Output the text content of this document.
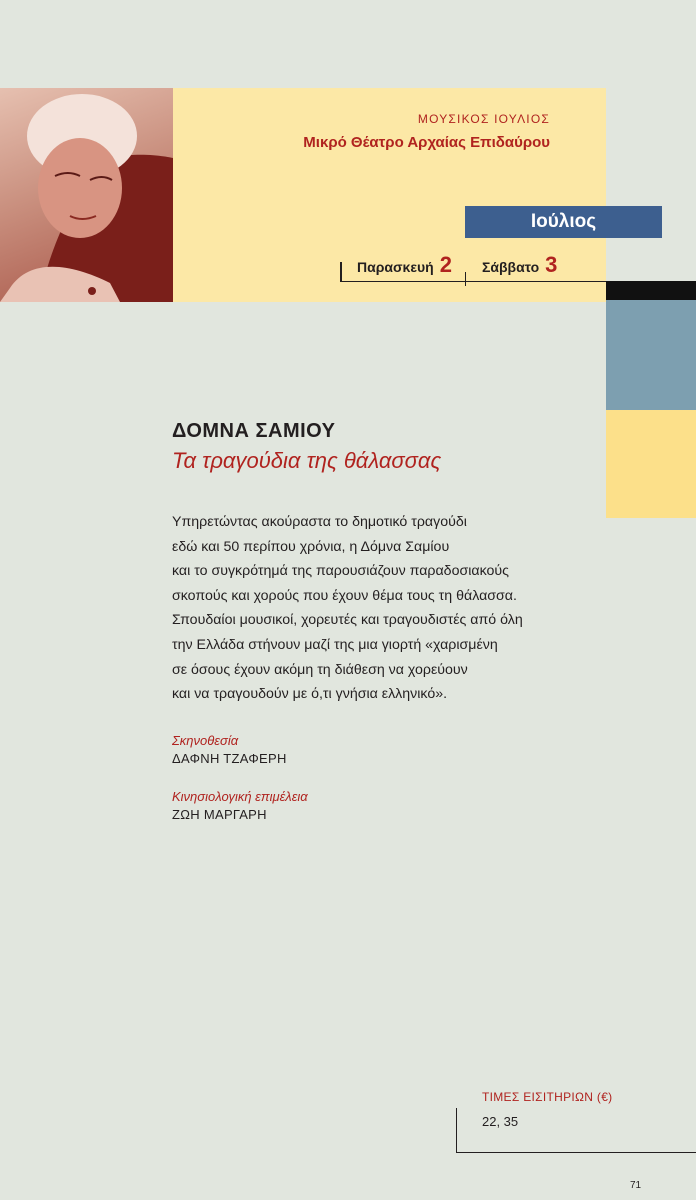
ΜΟΥΣΙΚΟΣ ΙΟΥΛΙΟΣ
Μικρό Θέατρο Αρχαίας Επιδαύρου
Ιούλιος
Παρασκευή 2 Σάββατο 3
ΔΟΜΝΑ ΣΑΜΙΟΥ
Τα τραγούδια της θάλασσας
Υπηρετώντας ακούραστα το δημοτικό τραγούδι
εδώ και 50 περίπου χρόνια, η Δόμνα Σαμίου
και το συγκρότημά της παρουσιάζουν παραδοσιακούς
σκοπούς και χορούς που έχουν θέμα τους τη θάλασσα.
Σπουδαίοι μουσικοί, χορευτές και τραγουδιστές από όλη
την Ελλάδα στήνουν μαζί της μια γιορτή «χαρισμένη
σε όσους έχουν ακόμη τη διάθεση να χορεύουν
και να τραγουδούν με ό,τι γνήσια ελληνικό».
Σκηνοθεσία
ΔΑΦΝΗ ΤΖΑΦΕΡΗ
Κινησιολογική επιμέλεια
ΖΩΗ ΜΑΡΓΑΡΗ
ΤΙΜΕΣ ΕΙΣΙΤΗΡΙΩΝ (€)
22, 35
71
